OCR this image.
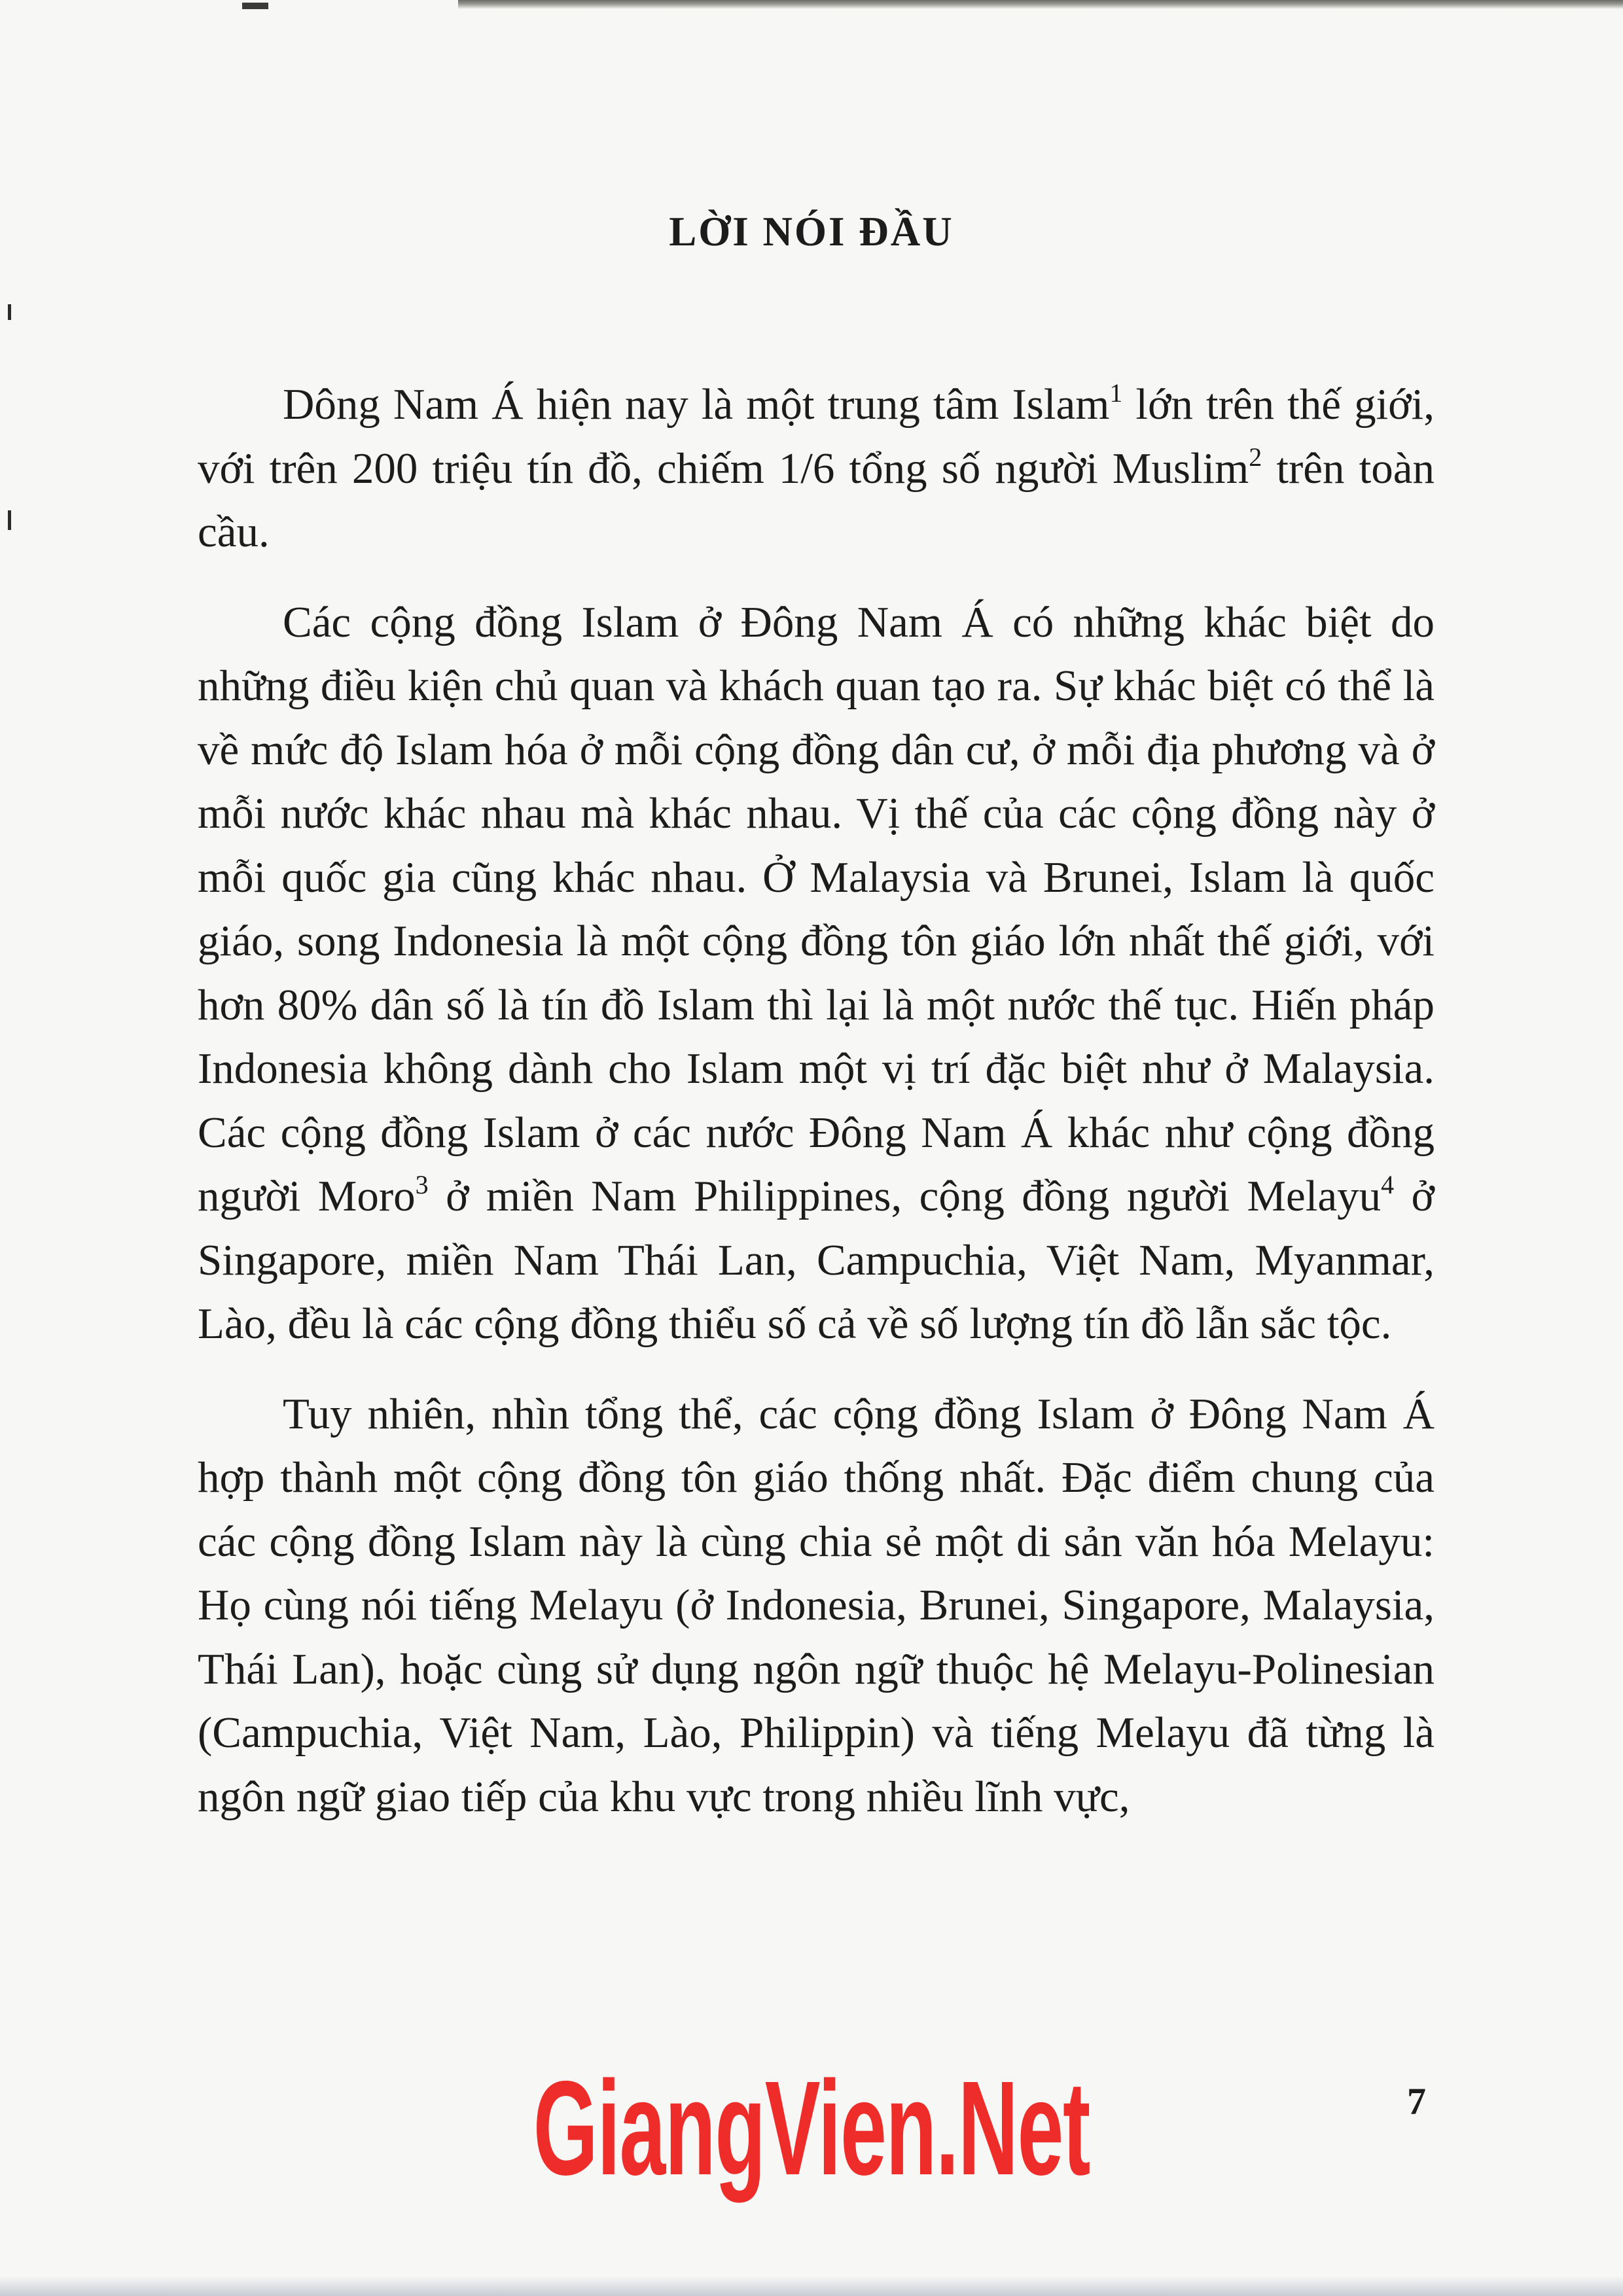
LỜI NÓI ĐẦU

Dông Nam Á hiện nay là một trung tâm Islam$^1$ lớn trên thế giới, với trên 200 triệu tín đồ, chiếm 1/6 tổng số người Muslim$^2$ trên toàn cầu.

Các cộng đồng Islam ở Đông Nam Á có những khác biệt do những điều kiện chủ quan và khách quan tạo ra. Sự khác biệt có thể là về mức độ Islam hóa ở mỗi cộng đồng dân cư, ở mỗi địa phương và ở mỗi nước khác nhau mà khác nhau. Vị thế của các cộng đồng này ở mỗi quốc gia cũng khác nhau. Ở Malaysia và Brunei, Islam là quốc giáo, song Indonesia là một cộng đồng tôn giáo lớn nhất thế giới, với hơn 80% dân số là tín đồ Islam thì lại là một nước thế tục. Hiến pháp Indonesia không dành cho Islam một vị trí đặc biệt như ở Malaysia. Các cộng đồng Islam ở các nước Đông Nam Á khác như cộng đồng người Moro$^3$ ở miền Nam Philippines, cộng đồng người Melayu$^4$ ở Singapore, miền Nam Thái Lan, Campuchia, Việt Nam, Myanmar, Lào, đều là các cộng đồng thiểu số cả về số lượng tín đồ lẫn sắc tộc.

Tuy nhiên, nhìn tổng thể, các cộng đồng Islam ở Đông Nam Á hợp thành một cộng đồng tôn giáo thống nhất. Đặc điểm chung của các cộng đồng Islam này là cùng chia sẻ một di sản văn hóa Melayu: Họ cùng nói tiếng Melayu (ở Indonesia, Brunei, Singapore, Malaysia, Thái Lan), hoặc cùng sử dụng ngôn ngữ thuộc hệ Melayu-Polinesian (Campuchia, Việt Nam, Lào, Philippin) và tiếng Melayu đã từng là ngôn ngữ giao tiếp của khu vực trong nhiều lĩnh vực,

7
GiangVien.Net
